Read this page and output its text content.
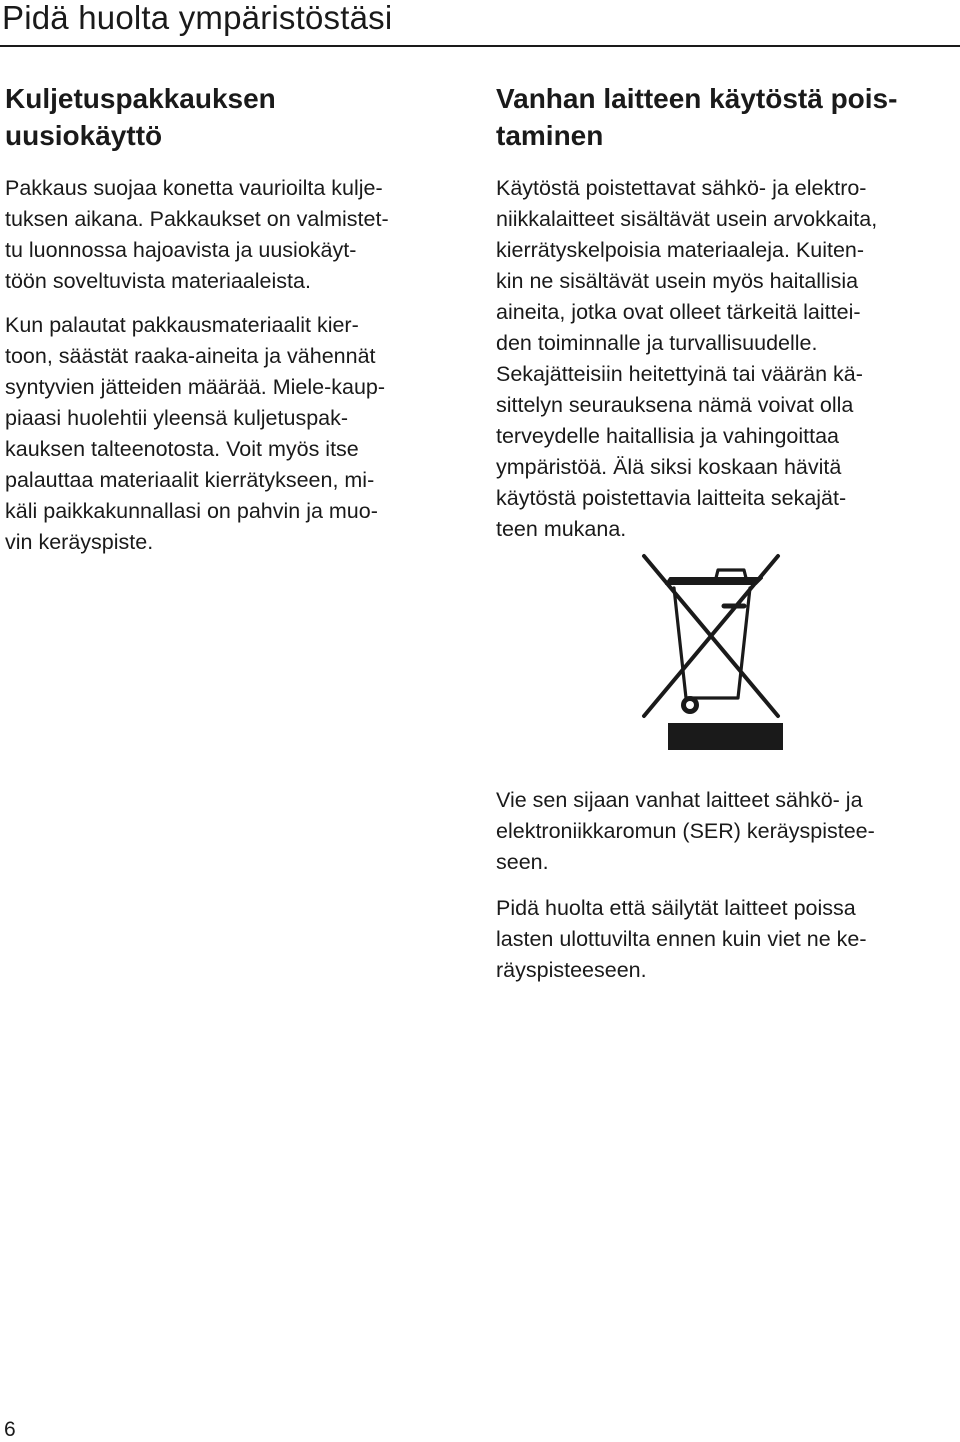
Pidä huolta ympäristöstäsi
Kuljetuspakkauksen
uusiokäyttö

Pakkaus suojaa konetta vaurioilta kulje-
tuksen aikana. Pakkaukset on valmistet-
tu luonnossa hajoavista ja uusiokäyt-
töön soveltuvista materiaaleista.

Kun palautat pakkausmateriaalit kier-
toon, säästät raaka-aineita ja vähennät
syntyvien jätteiden määrää. Miele-kaup-
piaasi huolehtii yleensä kuljetuspak-
kauksen talteenotosta. Voit myös itse
palauttaa materiaalit kierrätykseen, mi-
käli paikkakunnallasi on pahvin ja muo-
vin keräyspiste.

Vanhan laitteen käytöstä pois-
taminen

Käytöstä poistettavat sähkö- ja elektro-
niikkalaitteet sisältävät usein arvokkaita,
kierrätyskelpoisia materiaaleja. Kuiten-
kin ne sisältävät usein myös haitallisia
aineita, jotka ovat olleet tärkeitä laittei-
den toiminnalle ja turvallisuudelle.
Sekajätteisiin heitettyinä tai väärän kä-
sittelyn seurauksena nämä voivat olla
terveydelle haitallisia ja vahingoittaa
ympäristöä. Älä siksi koskaan hävitä
käytöstä poistettavia laitteita sekajät-
teen mukana.

Vie sen sijaan vanhat laitteet sähkö- ja
elektroniikkaromun (SER) keräyspistee-
seen.

Pidä huolta että säilytät laitteet poissa
lasten ulottuvilta ennen kuin viet ne ke-
räyspisteeseen.

6
